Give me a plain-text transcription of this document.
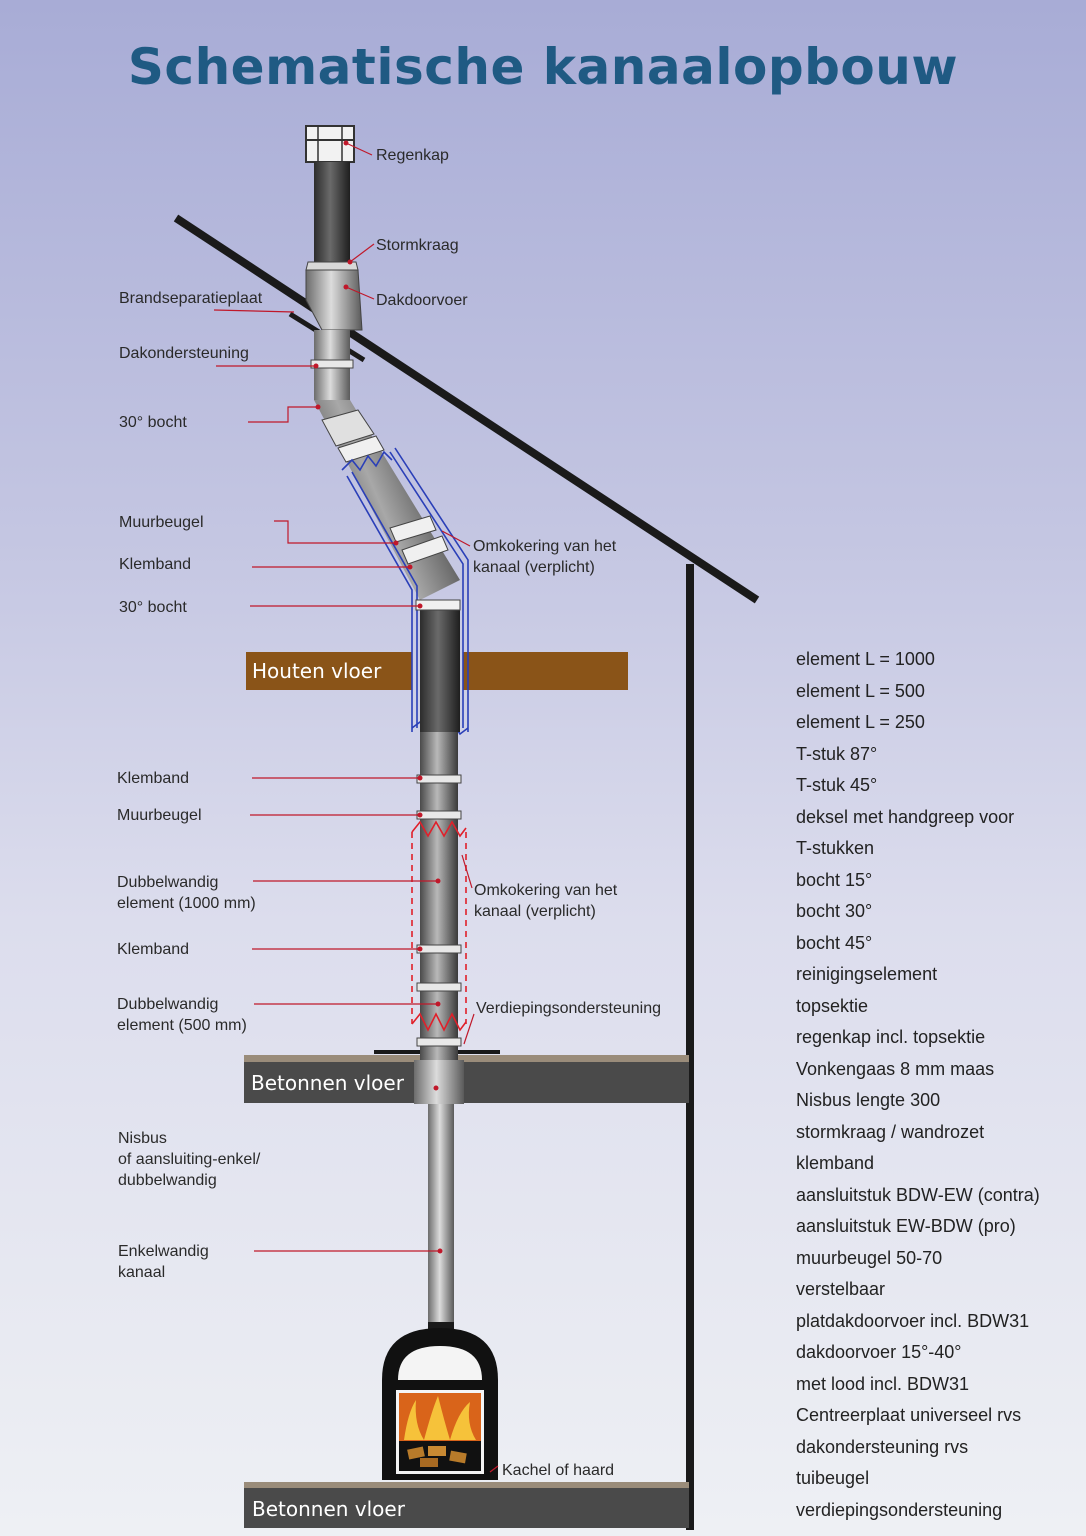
Schematische kanaalopbouw
Houten vloer
Betonnen vloer
Betonnen vloer
Regenkap
Stormkraag
Dakdoorvoer
Brandseparatieplaat
Dakondersteuning
30° bocht
Muurbeugel
Klemband
30° bocht
Omkokering van het
kanaal (verplicht)
Klemband
Muurbeugel
Dubbelwandig
element (1000 mm)
Omkokering van het
kanaal (verplicht)
Klemband
Dubbelwandig
element (500 mm)
Verdiepingsondersteuning
Nisbus
of aansluiting-enkel/
dubbelwandig
Enkelwandig
kanaal
Kachel of haard
element L = 1000
element L = 500
element L = 250
T-stuk 87°
T-stuk 45°
deksel met handgreep voor
T-stukken
bocht 15°
bocht 30°
bocht 45°
reinigingselement
topsektie
regenkap incl. topsektie
Vonkengaas 8 mm maas
Nisbus lengte 300
stormkraag / wandrozet
klemband
aansluitstuk BDW-EW (contra)
aansluitstuk EW-BDW (pro)
muurbeugel 50-70
verstelbaar
platdakdoorvoer incl. BDW31
dakdoorvoer 15°-40°
met lood incl. BDW31
Centreerplaat universeel rvs
dakondersteuning rvs
tuibeugel
verdiepingsondersteuning
